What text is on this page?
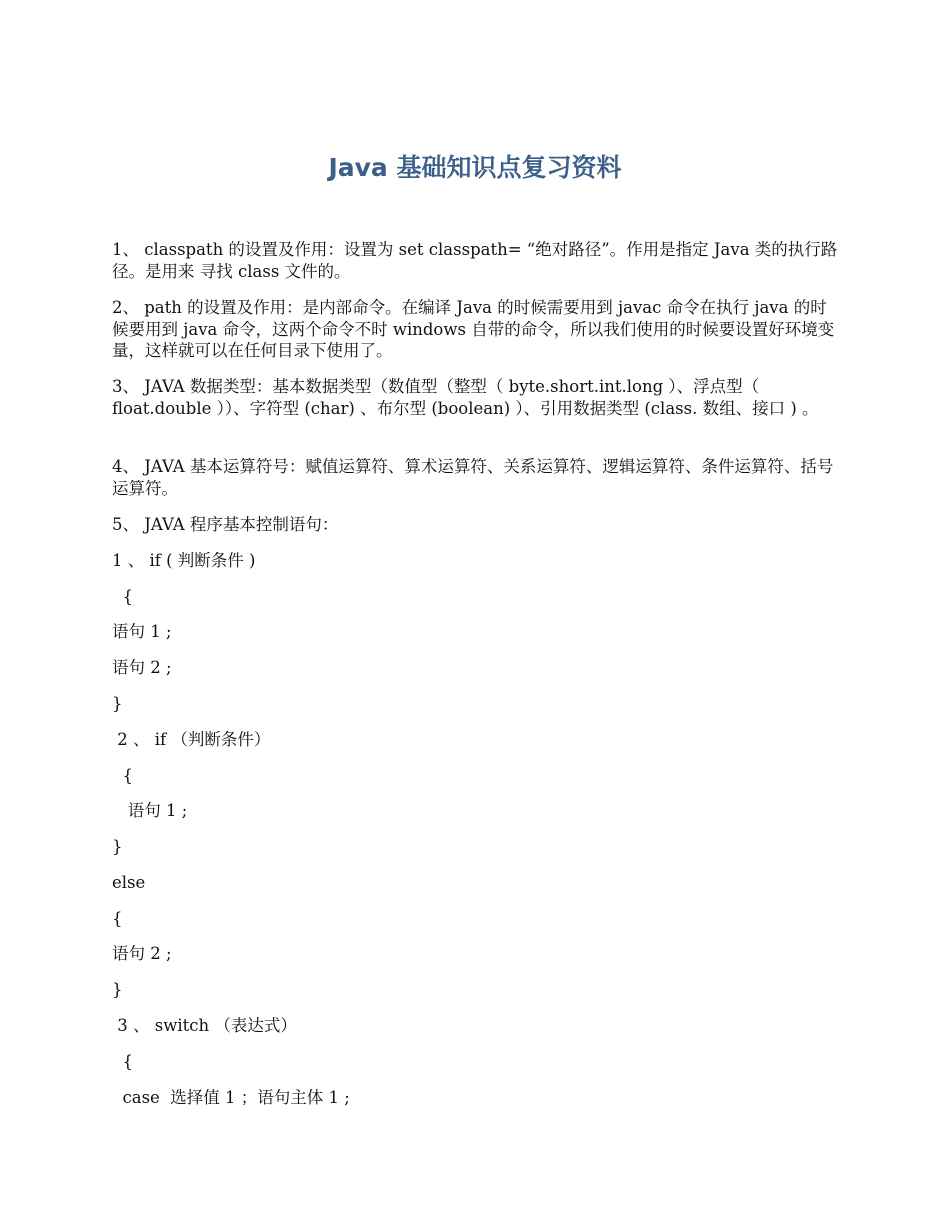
Java 基础知识点复习资料
1、 classpath 的设置及作用：设置为 set classpath= “绝对路径”。作用是指定 Java 类的执行路径。是用来 寻找 class 文件的。
2、 path 的设置及作用：是内部命令。在编译 Java 的时候需要用到 javac 命令在执行 java 的时候要用到 java 命令，这两个命令不时 windows 自带的命令，所以我们使用的时候要设置好环境变量，这样就可以在任何目录下使用了。
3、 JAVA 数据类型：基本数据类型（数值型（整型（ byte.short.int.long ）、浮点型（ float.double ））、字符型 (char) 、布尔型 (boolean) ）、引用数据类型 (class. 数组、接口 ) 。
4、 JAVA 基本运算符号：赋值运算符、算术运算符、关系运算符、逻辑运算符、条件运算符、括号运算符。
5、 JAVA 程序基本控制语句：
1 、 if ( 判断条件 )
{
语句 1 ;
语句 2 ;
}
2 、 if （判断条件）
{
语句 1 ;
}
else
{
语句 2 ;
}
3 、 switch （表达式）
{
case  选择值 1 ；语句主体 1 ;
